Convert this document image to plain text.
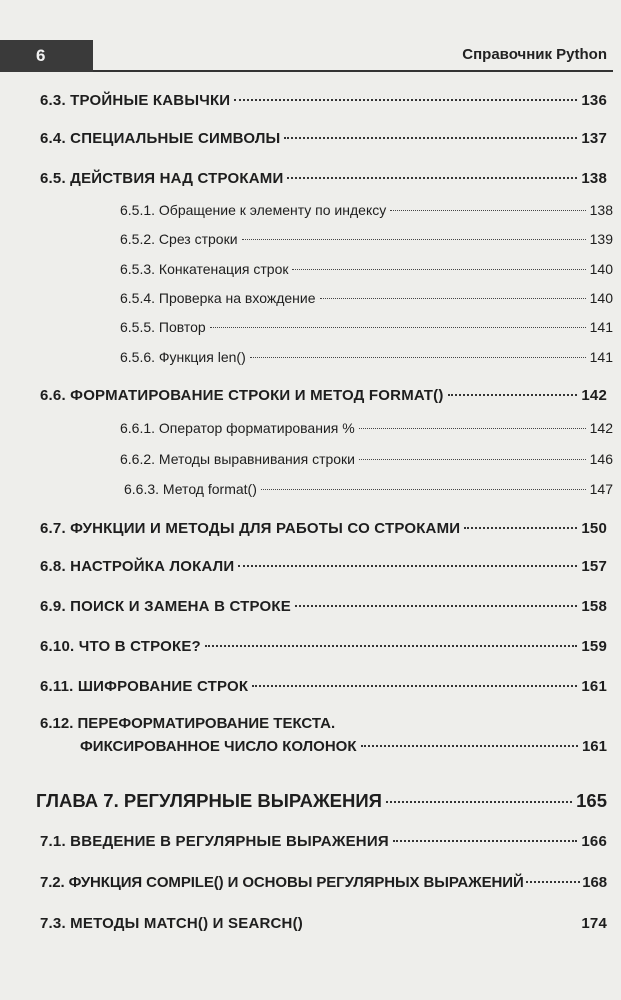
6	Справочник Python
6.3. ТРОЙНЫЕ КАВЫЧКИ	136
6.4. СПЕЦИАЛЬНЫЕ СИМВОЛЫ	137
6.5. ДЕЙСТВИЯ НАД СТРОКАМИ	138
6.5.1. Обращение к элементу по индексу	138
6.5.2. Срез строки	139
6.5.3. Конкатенация строк	140
6.5.4. Проверка на вхождение	140
6.5.5. Повтор	141
6.5.6. Функция len()	141
6.6. ФОРМАТИРОВАНИЕ СТРОКИ И МЕТОД FORMAT()	142
6.6.1. Оператор форматирования %	142
6.6.2. Методы выравнивания строки	146
6.6.3. Метод format()	147
6.7. ФУНКЦИИ И МЕТОДЫ ДЛЯ РАБОТЫ СО СТРОКАМИ	150
6.8. НАСТРОЙКА ЛОКАЛИ	157
6.9. ПОИСК И ЗАМЕНА В СТРОКЕ	158
6.10. ЧТО В СТРОКЕ?	159
6.11. ШИФРОВАНИЕ СТРОК	161
6.12. ПЕРЕФОРМАТИРОВАНИЕ ТЕКСТА.
ФИКСИРОВАННОЕ ЧИСЛО КОЛОНОК	161
ГЛАВА 7. РЕГУЛЯРНЫЕ ВЫРАЖЕНИЯ	165
7.1. ВВЕДЕНИЕ В РЕГУЛЯРНЫЕ ВЫРАЖЕНИЯ	166
7.2. ФУНКЦИЯ COMPILE() И ОСНОВЫ РЕГУЛЯРНЫХ ВЫРАЖЕНИЙ	168
7.3. МЕТОДЫ MATCH() И SEARCH()	174
